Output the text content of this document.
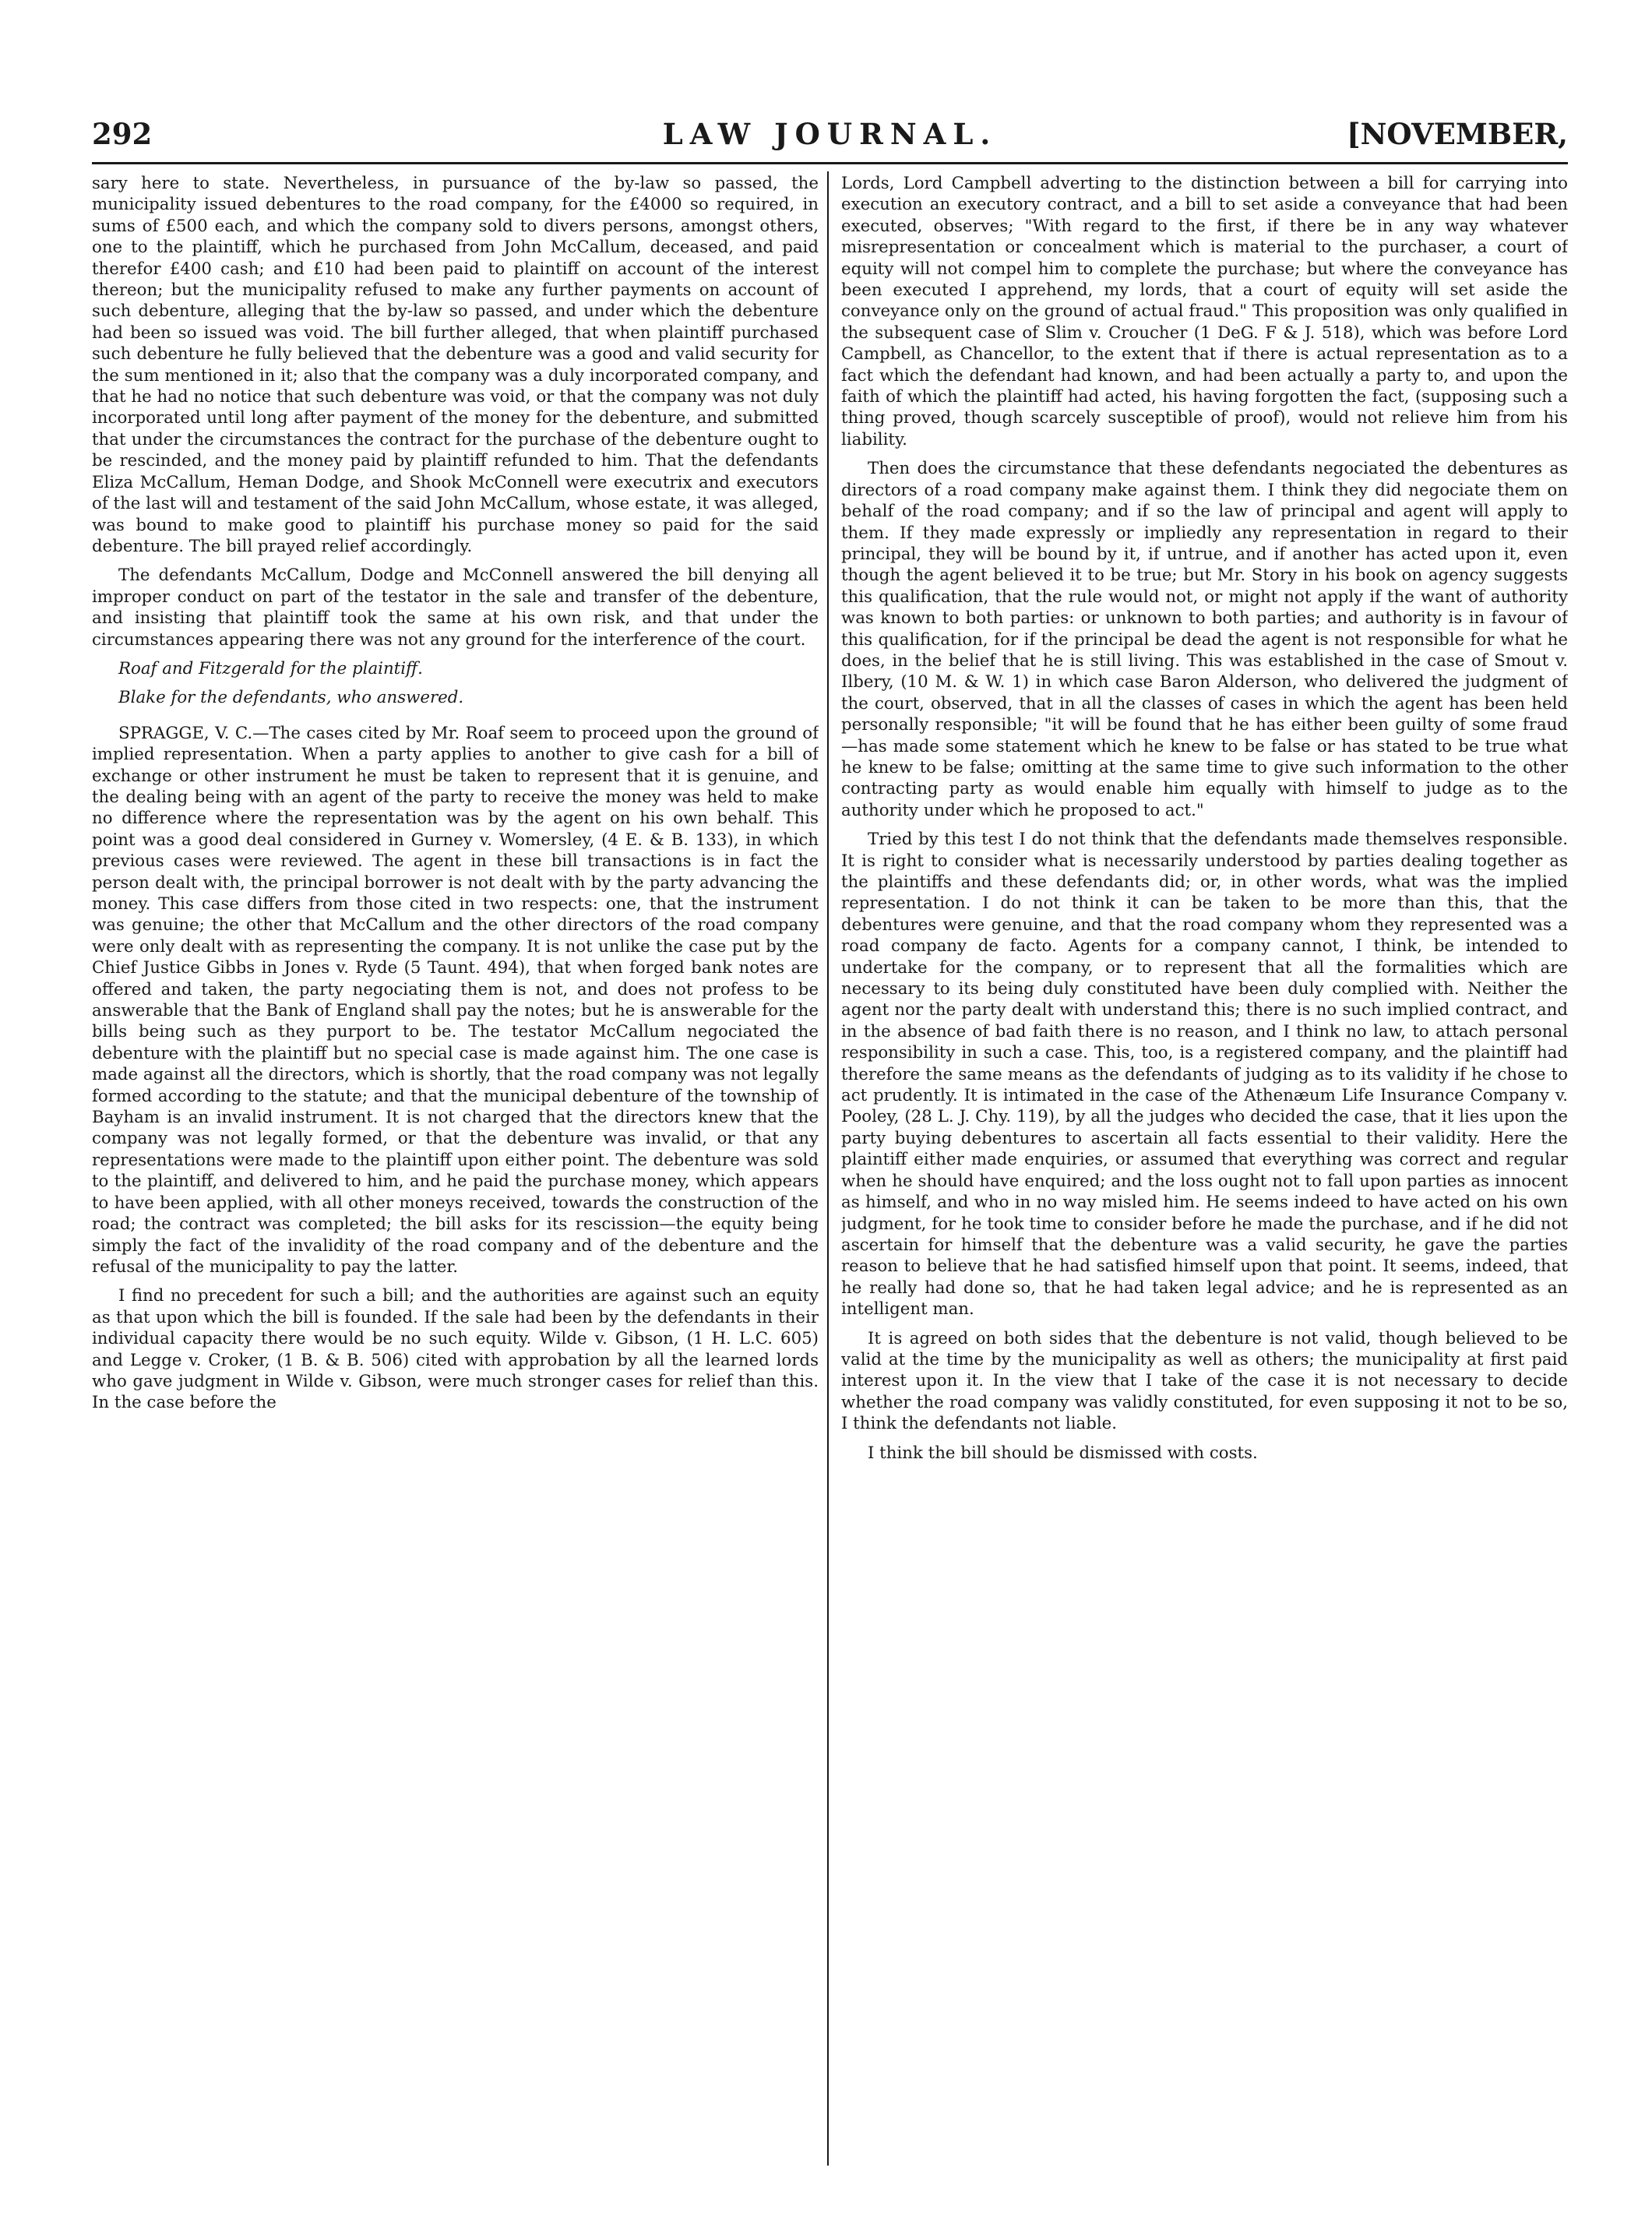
292	LAW JOURNAL.	[NOVEMBER,

sary here to state. Nevertheless, in pursuance of the by-law so passed, the municipality issued debentures to the road company, for the £4000 so required, in sums of £500 each, and which the company sold to divers persons, amongst others, one to the plaintiff, which he purchased from John McCallum, deceased, and paid therefor £400 cash; and £10 had been paid to plaintiff on account of the interest thereon; but the municipality refused to make any further payments on account of such debenture, alleging that the by-law so passed, and under which the debenture had been so issued was void. The bill further alleged, that when plaintiff purchased such debenture he fully believed that the debenture was a good and valid security for the sum mentioned in it; also that the company was a duly incorporated company, and that he had no notice that such debenture was void, or that the company was not duly incorporated until long after payment of the money for the debenture, and submitted that under the circumstances the contract for the purchase of the debenture ought to be rescinded, and the money paid by plaintiff refunded to him. That the defendants Eliza McCallum, Heman Dodge, and Shook McConnell were executrix and executors of the last will and testament of the said John McCallum, whose estate, it was alleged, was bound to make good to plaintiff his purchase money so paid for the said debenture. The bill prayed relief accordingly.

The defendants McCallum, Dodge and McConnell answered the bill denying all improper conduct on part of the testator in the sale and transfer of the debenture, and insisting that plaintiff took the same at his own risk, and that under the circumstances appearing there was not any ground for the interference of the court.

Roaf and Fitzgerald for the plaintiff.

Blake for the defendants, who answered.

SPRAGGE, V. C.—The cases cited by Mr. Roaf seem to proceed upon the ground of implied representation. When a party applies to another to give cash for a bill of exchange or other instrument he must be taken to represent that it is genuine, and the dealing being with an agent of the party to receive the money was held to make no difference where the representation was by the agent on his own behalf. This point was a good deal considered in Gurney v. Womersley, (4 E. & B. 133), in which previous cases were reviewed. The agent in these bill transactions is in fact the person dealt with, the principal borrower is not dealt with by the party advancing the money. This case differs from those cited in two respects: one, that the instrument was genuine; the other that McCallum and the other directors of the road company were only dealt with as representing the company. It is not unlike the case put by the Chief Justice Gibbs in Jones v. Ryde (5 Taunt. 494), that when forged bank notes are offered and taken, the party negociating them is not, and does not profess to be answerable that the Bank of England shall pay the notes; but he is answerable for the bills being such as they purport to be. The testator McCallum negociated the debenture with the plaintiff but no special case is made against him. The one case is made against all the directors, which is shortly, that the road company was not legally formed according to the statute; and that the municipal debenture of the township of Bayham is an invalid instrument. It is not charged that the directors knew that the company was not legally formed, or that the debenture was invalid, or that any representations were made to the plaintiff upon either point. The debenture was sold to the plaintiff, and delivered to him, and he paid the purchase money, which appears to have been applied, with all other moneys received, towards the construction of the road; the contract was completed; the bill asks for its rescission—the equity being simply the fact of the invalidity of the road company and of the debenture and the refusal of the municipality to pay the latter.

I find no precedent for such a bill; and the authorities are against such an equity as that upon which the bill is founded. If the sale had been by the defendants in their individual capacity there would be no such equity. Wilde v. Gibson, (1 H. L.C. 605) and Legge v. Croker, (1 B. & B. 506) cited with approbation by all the learned lords who gave judgment in Wilde v. Gibson, were much stronger cases for relief than this. In the case before the

Lords, Lord Campbell adverting to the distinction between a bill for carrying into execution an executory contract, and a bill to set aside a conveyance that had been executed, observes; "With regard to the first, if there be in any way whatever misrepresentation or concealment which is material to the purchaser, a court of equity will not compel him to complete the purchase; but where the conveyance has been executed I apprehend, my lords, that a court of equity will set aside the conveyance only on the ground of actual fraud." This proposition was only qualified in the subsequent case of Slim v. Croucher (1 DeG. F & J. 518), which was before Lord Campbell, as Chancellor, to the extent that if there is actual representation as to a fact which the defendant had known, and had been actually a party to, and upon the faith of which the plaintiff had acted, his having forgotten the fact, (supposing such a thing proved, though scarcely susceptible of proof), would not relieve him from his liability.

Then does the circumstance that these defendants negociated the debentures as directors of a road company make against them. I think they did negociate them on behalf of the road company; and if so the law of principal and agent will apply to them. If they made expressly or impliedly any representation in regard to their principal, they will be bound by it, if untrue, and if another has acted upon it, even though the agent believed it to be true; but Mr. Story in his book on agency suggests this qualification, that the rule would not, or might not apply if the want of authority was known to both parties: or unknown to both parties; and authority is in favour of this qualification, for if the principal be dead the agent is not responsible for what he does, in the belief that he is still living. This was established in the case of Smout v. Ilbery, (10 M. & W. 1) in which case Baron Alderson, who delivered the judgment of the court, observed, that in all the classes of cases in which the agent has been held personally responsible; "it will be found that he has either been guilty of some fraud—has made some statement which he knew to be false or has stated to be true what he knew to be false; omitting at the same time to give such information to the other contracting party as would enable him equally with himself to judge as to the authority under which he proposed to act."

Tried by this test I do not think that the defendants made themselves responsible. It is right to consider what is necessarily understood by parties dealing together as the plaintiffs and these defendants did; or, in other words, what was the implied representation. I do not think it can be taken to be more than this, that the debentures were genuine, and that the road company whom they represented was a road company de facto. Agents for a company cannot, I think, be intended to undertake for the company, or to represent that all the formalities which are necessary to its being duly constituted have been duly complied with. Neither the agent nor the party dealt with understand this; there is no such implied contract, and in the absence of bad faith there is no reason, and I think no law, to attach personal responsibility in such a case. This, too, is a registered company, and the plaintiff had therefore the same means as the defendants of judging as to its validity if he chose to act prudently. It is intimated in the case of the Athenæum Life Insurance Company v. Pooley, (28 L. J. Chy. 119), by all the judges who decided the case, that it lies upon the party buying debentures to ascertain all facts essential to their validity. Here the plaintiff either made enquiries, or assumed that everything was correct and regular when he should have enquired; and the loss ought not to fall upon parties as innocent as himself, and who in no way misled him. He seems indeed to have acted on his own judgment, for he took time to consider before he made the purchase, and if he did not ascertain for himself that the debenture was a valid security, he gave the parties reason to believe that he had satisfied himself upon that point. It seems, indeed, that he really had done so, that he had taken legal advice; and he is represented as an intelligent man.

It is agreed on both sides that the debenture is not valid, though believed to be valid at the time by the municipality as well as others; the municipality at first paid interest upon it. In the view that I take of the case it is not necessary to decide whether the road company was validly constituted, for even supposing it not to be so, I think the defendants not liable.

I think the bill should be dismissed with costs.
